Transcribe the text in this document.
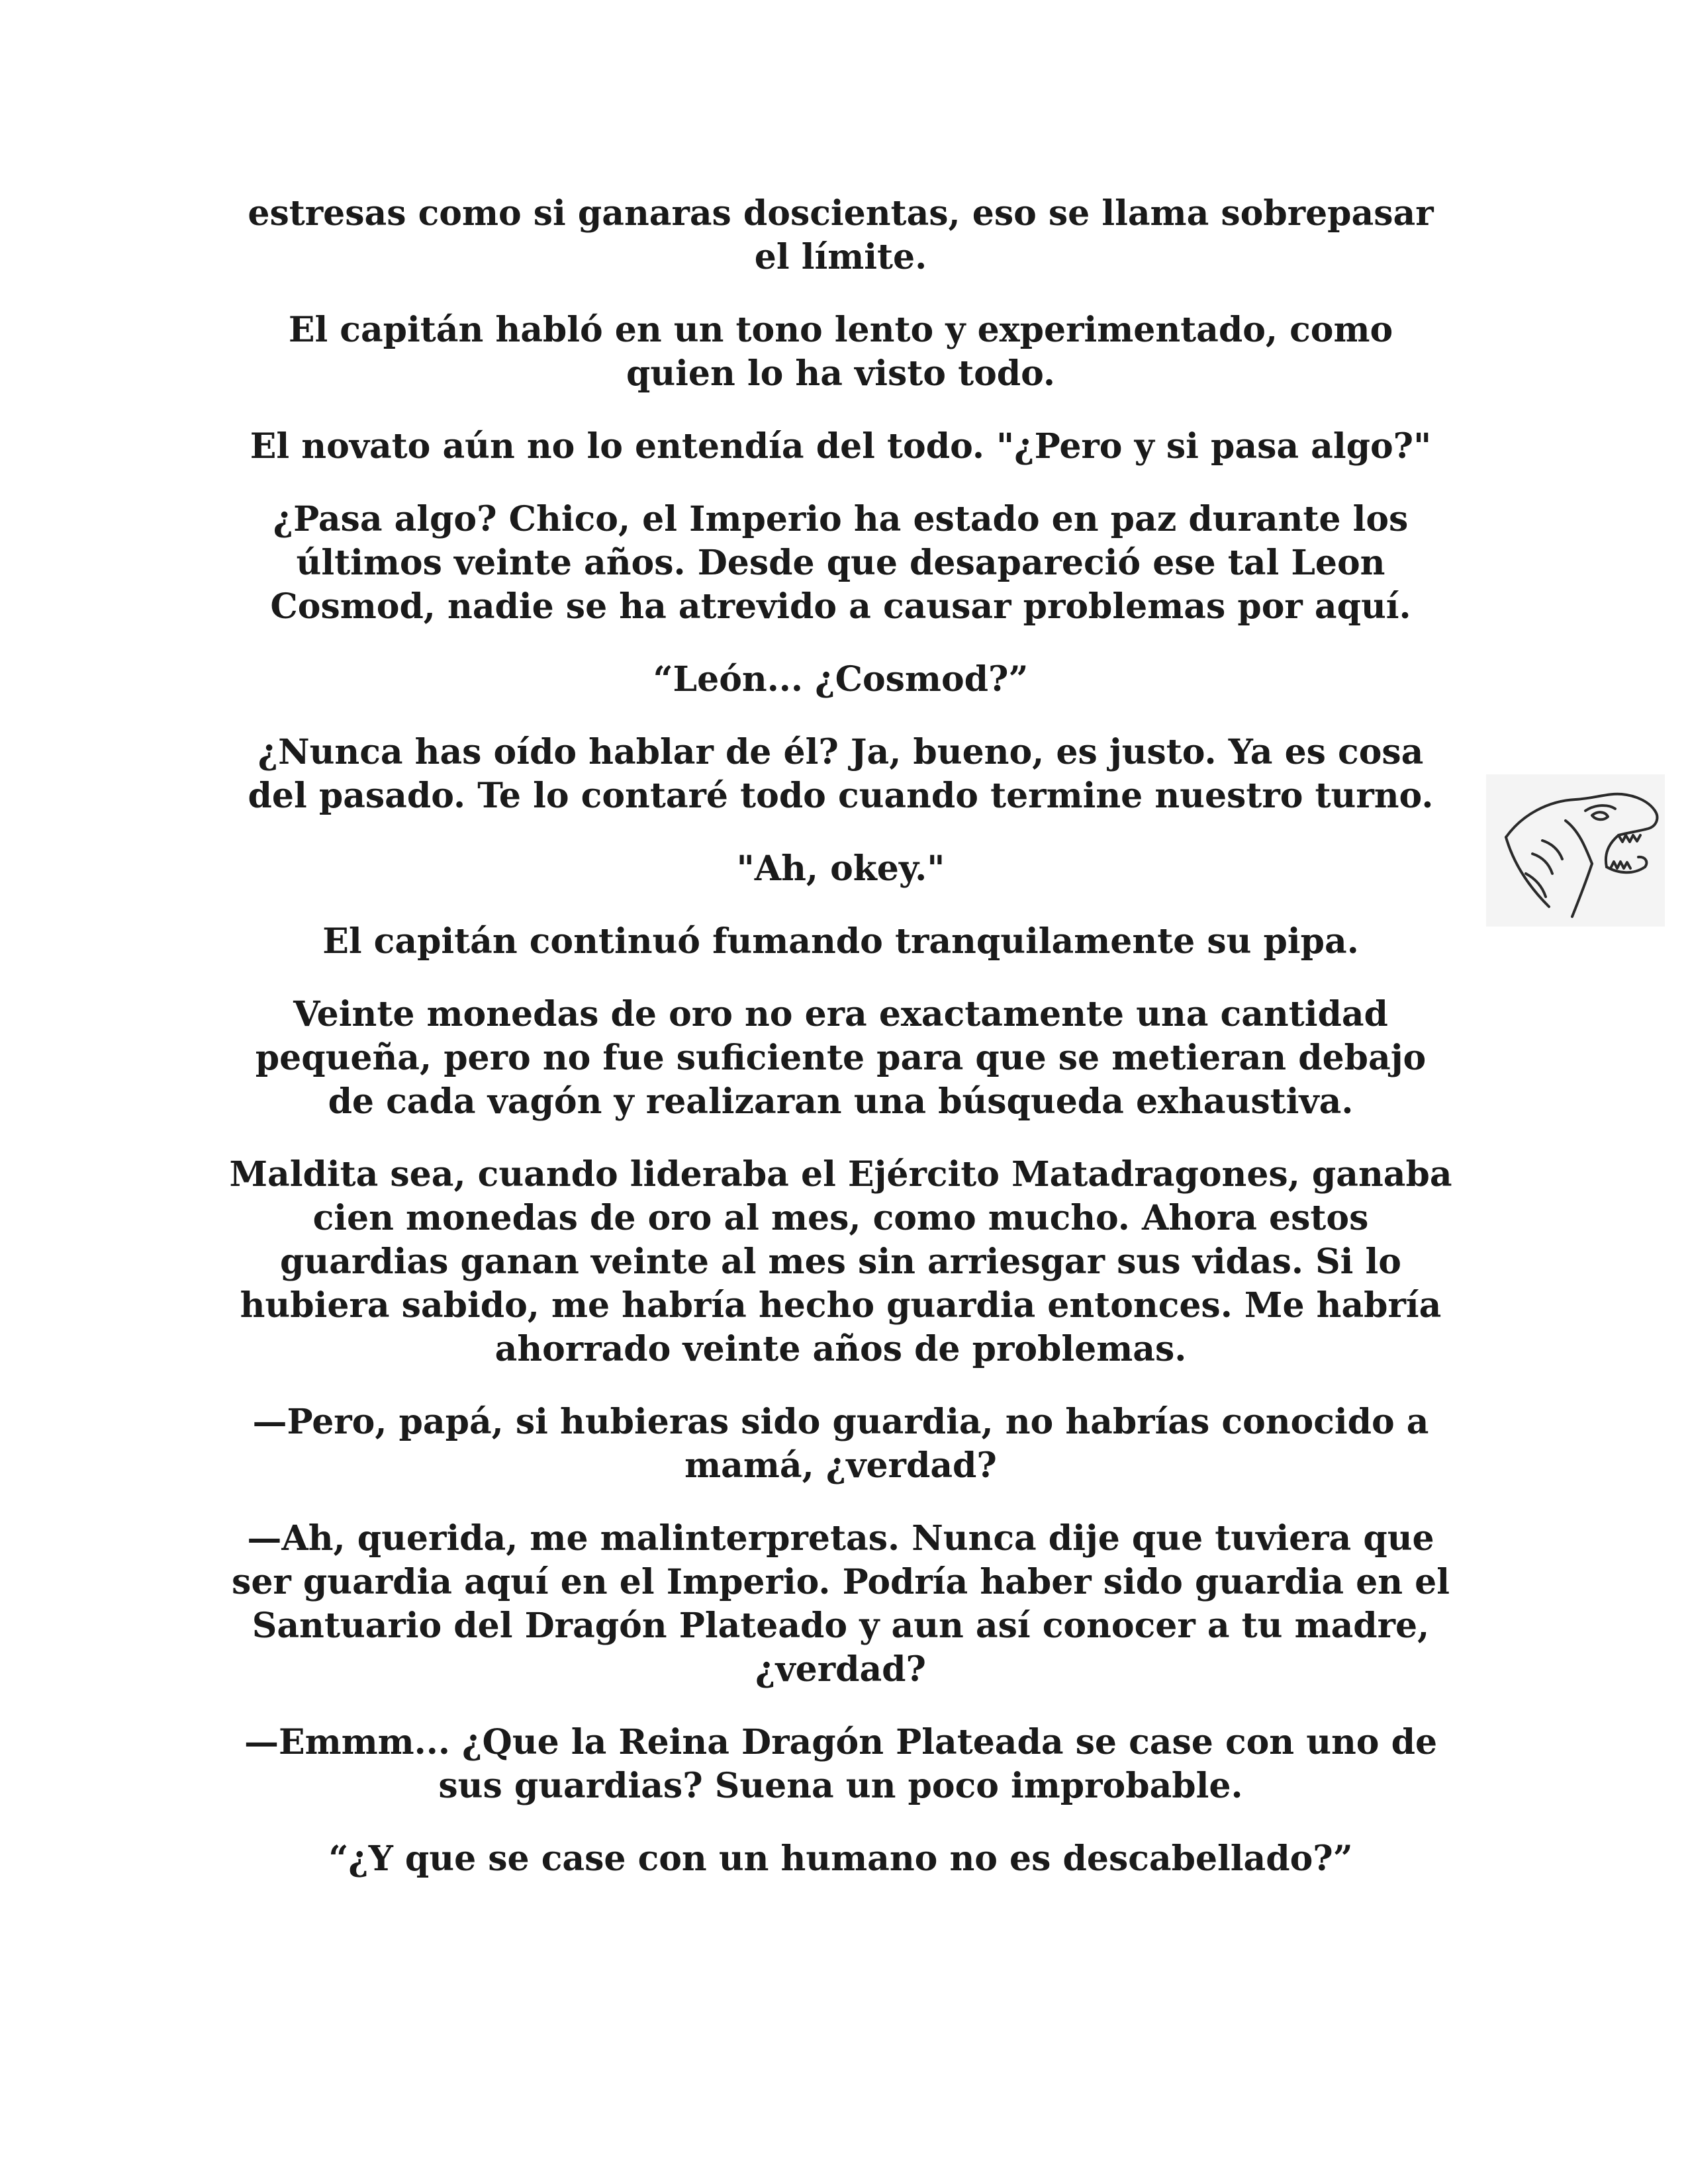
estresas como si ganaras doscientas, eso se llama sobrepasar el límite.

El capitán habló en un tono lento y experimentado, como quien lo ha visto todo.

El novato aún no lo entendía del todo. "¿Pero y si pasa algo?"

¿Pasa algo? Chico, el Imperio ha estado en paz durante los últimos veinte años. Desde que desapareció ese tal Leon Cosmod, nadie se ha atrevido a causar problemas por aquí.

“León... ¿Cosmod?”

¿Nunca has oído hablar de él? Ja, bueno, es justo. Ya es cosa del pasado. Te lo contaré todo cuando termine nuestro turno.

"Ah, okey."

El capitán continuó fumando tranquilamente su pipa.

Veinte monedas de oro no era exactamente una cantidad pequeña, pero no fue suficiente para que se metieran debajo de cada vagón y realizaran una búsqueda exhaustiva.

Maldita sea, cuando lideraba el Ejército Matadragones, ganaba cien monedas de oro al mes, como mucho. Ahora estos guardias ganan veinte al mes sin arriesgar sus vidas. Si lo hubiera sabido, me habría hecho guardia entonces. Me habría ahorrado veinte años de problemas.

—Pero, papá, si hubieras sido guardia, no habrías conocido a mamá, ¿verdad?

—Ah, querida, me malinterpretas. Nunca dije que tuviera que ser guardia aquí en el Imperio. Podría haber sido guardia en el Santuario del Dragón Plateado y aun así conocer a tu madre, ¿verdad?

—Emmm... ¿Que la Reina Dragón Plateada se case con uno de sus guardias? Suena un poco improbable.

“¿Y que se case con un humano no es descabellado?”
